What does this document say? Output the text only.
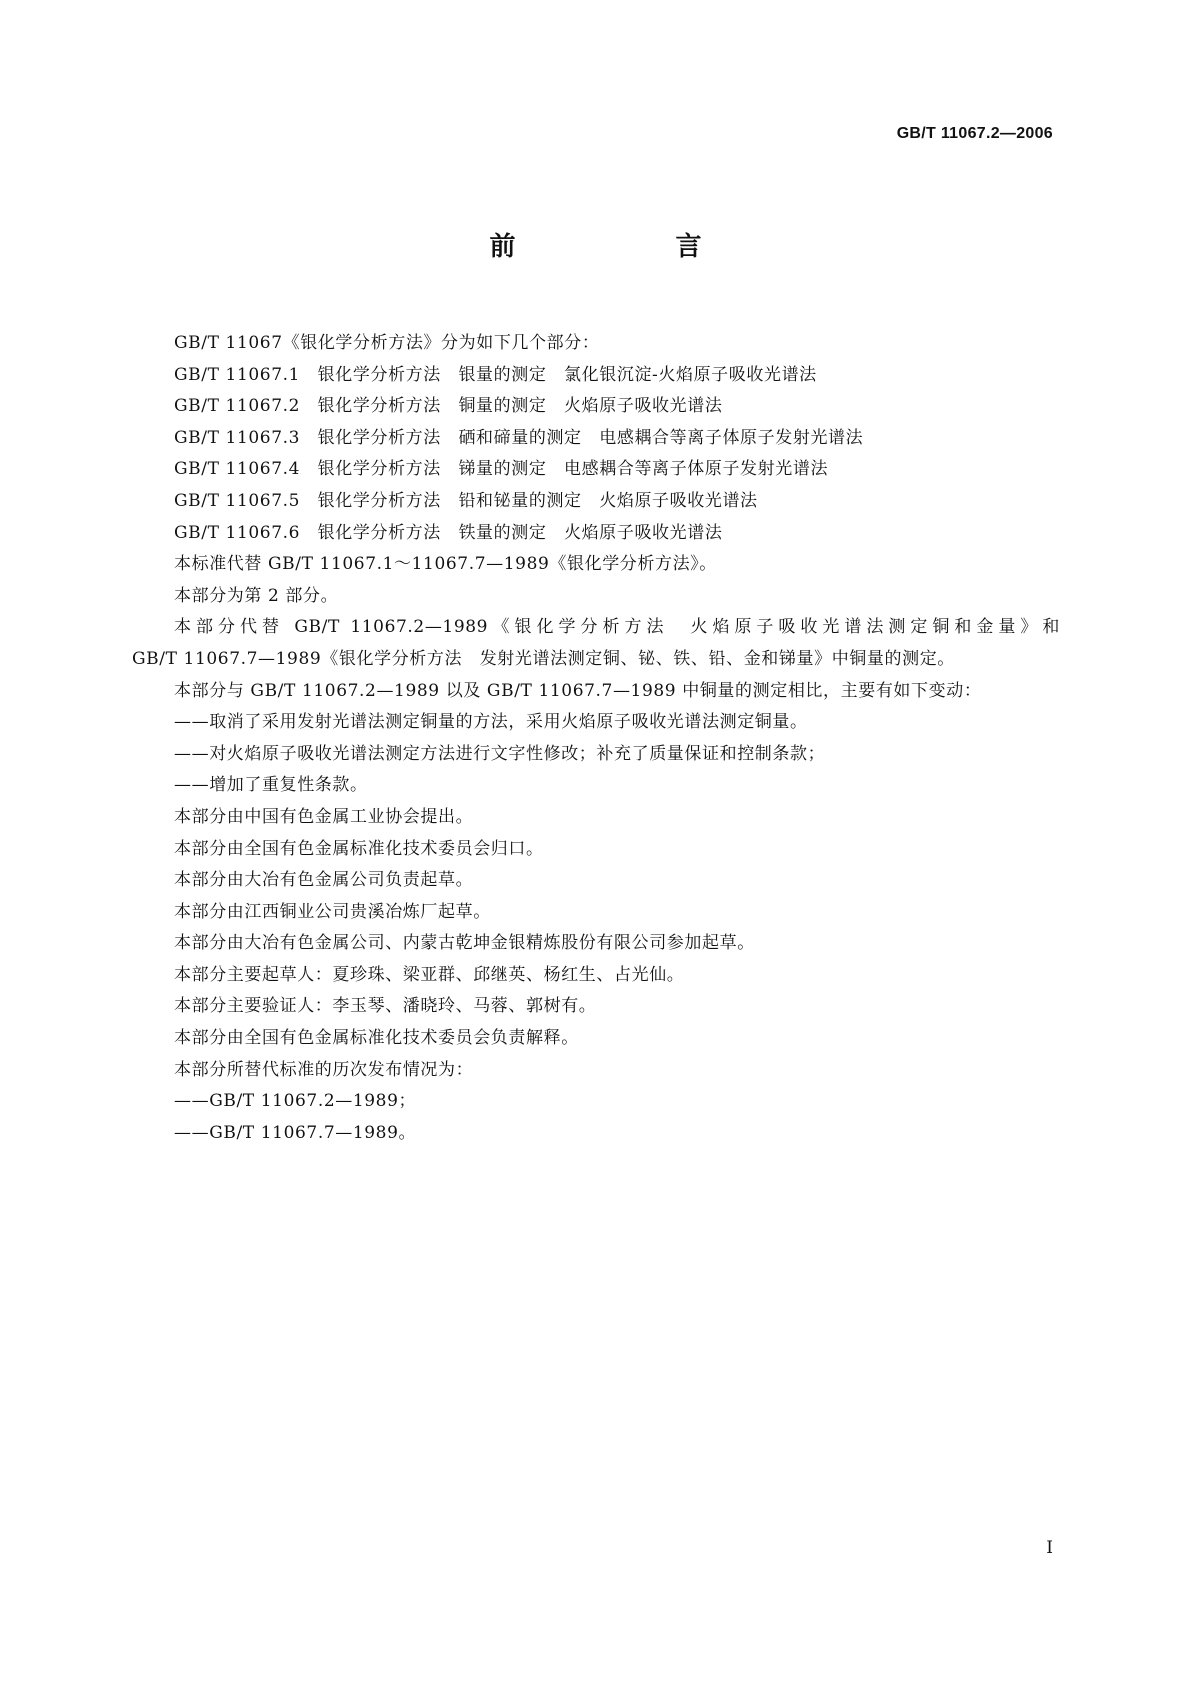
GB/T 11067.2—2006
前　　言
GB/T 11067《银化学分析方法》分为如下几个部分：
GB/T 11067.1　银化学分析方法　银量的测定　氯化银沉淀-火焰原子吸收光谱法
GB/T 11067.2　银化学分析方法　铜量的测定　火焰原子吸收光谱法
GB/T 11067.3　银化学分析方法　硒和碲量的测定　电感耦合等离子体原子发射光谱法
GB/T 11067.4　银化学分析方法　锑量的测定　电感耦合等离子体原子发射光谱法
GB/T 11067.5　银化学分析方法　铅和铋量的测定　火焰原子吸收光谱法
GB/T 11067.6　银化学分析方法　铁量的测定　火焰原子吸收光谱法
本标准代替 GB/T 11067.1～11067.7—1989《银化学分析方法》。
本部分为第 2 部分。
本部分代替 GB/T 11067.2—1989《银化学分析方法　火焰原子吸收光谱法测定铜和金量》和
GB/T 11067.7—1989《银化学分析方法　发射光谱法测定铜、铋、铁、铅、金和锑量》中铜量的测定。
本部分与 GB/T 11067.2—1989 以及 GB/T 11067.7—1989 中铜量的测定相比，主要有如下变动：
——取消了采用发射光谱法测定铜量的方法，采用火焰原子吸收光谱法测定铜量。
——对火焰原子吸收光谱法测定方法进行文字性修改；补充了质量保证和控制条款；
——增加了重复性条款。
本部分由中国有色金属工业协会提出。
本部分由全国有色金属标准化技术委员会归口。
本部分由大冶有色金属公司负责起草。
本部分由江西铜业公司贵溪冶炼厂起草。
本部分由大冶有色金属公司、内蒙古乾坤金银精炼股份有限公司参加起草。
本部分主要起草人：夏珍珠、梁亚群、邱继英、杨红生、占光仙。
本部分主要验证人：李玉琴、潘晓玲、马蓉、郭树有。
本部分由全国有色金属标准化技术委员会负责解释。
本部分所替代标准的历次发布情况为：
——GB/T 11067.2—1989；
——GB/T 11067.7—1989。
I
